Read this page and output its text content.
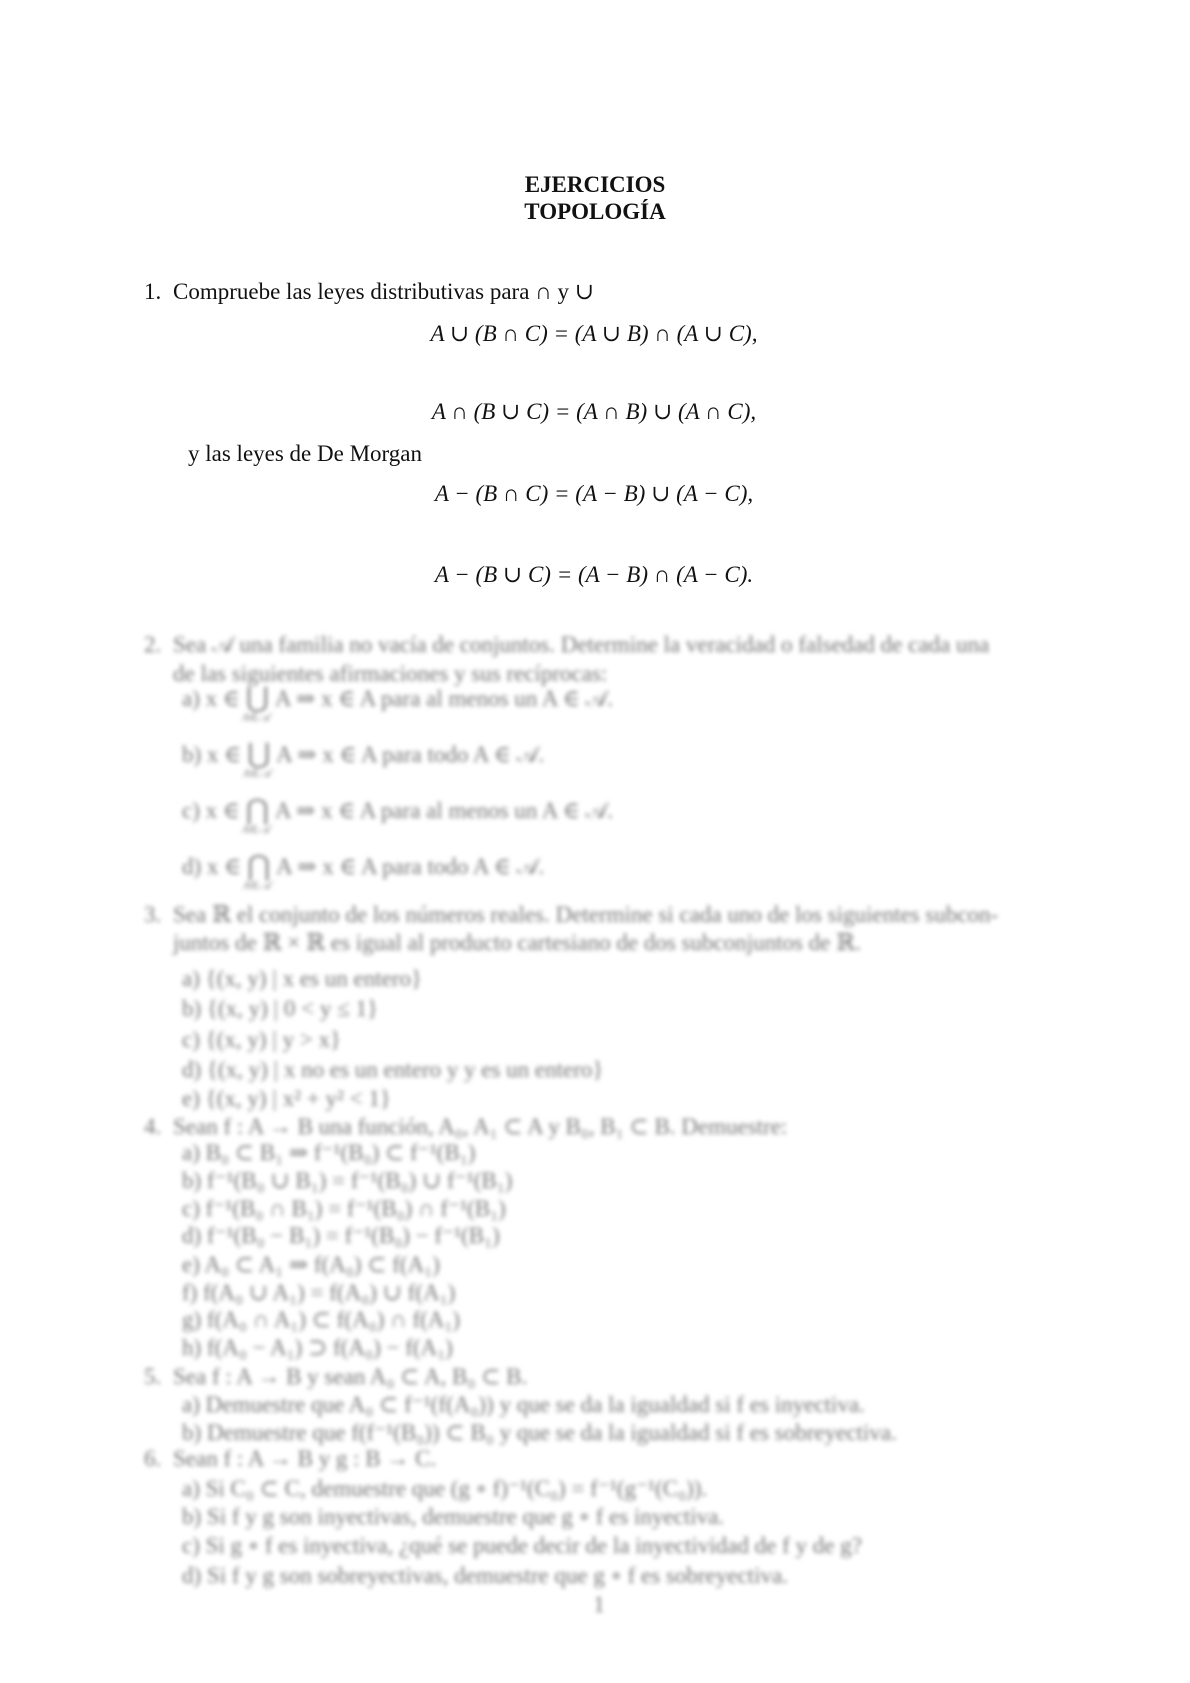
EJERCICIOS
TOPOLOGÍA
1. Compruebe las leyes distributivas para ∩ y ∪
A ∪ (B ∩ C) = (A ∪ B) ∩ (A ∪ C),
A ∩ (B ∪ C) = (A ∩ B) ∪ (A ∩ C),
y las leyes de De Morgan
A − (B ∩ C) = (A − B) ∪ (A − C),
A − (B ∪ C) = (A − B) ∩ (A − C).
2. Sea 𝒜 una familia no vacía de conjuntos. Determine la veracidad o falsedad de cada una
de las siguientes afirmaciones y sus recíprocas:
a) x ∈ ⋃ A ⇒ x ∈ A para al menos un A ∈ 𝒜.
A∈𝒜
b) x ∈ ⋃ A ⇒ x ∈ A para todo A ∈ 𝒜.
A∈𝒜
c) x ∈ ⋂ A ⇒ x ∈ A para al menos un A ∈ 𝒜.
A∈𝒜
d) x ∈ ⋂ A ⇒ x ∈ A para todo A ∈ 𝒜.
A∈𝒜
3. Sea ℝ el conjunto de los números reales. Determine si cada uno de los siguientes subcon-
juntos de ℝ × ℝ es igual al producto cartesiano de dos subconjuntos de ℝ.
a) {(x, y) | x es un entero}
b) {(x, y) | 0 < y ≤ 1}
c) {(x, y) | y > x}
d) {(x, y) | x no es un entero y y es un entero}
e) {(x, y) | x² + y² < 1}
4. Sean f : A → B una función, A₀, A₁ ⊂ A y B₀, B₁ ⊂ B. Demuestre:
a) B₀ ⊂ B₁ ⇒ f⁻¹(B₀) ⊂ f⁻¹(B₁)
b) f⁻¹(B₀ ∪ B₁) = f⁻¹(B₀) ∪ f⁻¹(B₁)
c) f⁻¹(B₀ ∩ B₁) = f⁻¹(B₀) ∩ f⁻¹(B₁)
d) f⁻¹(B₀ − B₁) = f⁻¹(B₀) − f⁻¹(B₁)
e) A₀ ⊂ A₁ ⇒ f(A₀) ⊂ f(A₁)
f) f(A₀ ∪ A₁) = f(A₀) ∪ f(A₁)
g) f(A₀ ∩ A₁) ⊂ f(A₀) ∩ f(A₁)
h) f(A₀ − A₁) ⊃ f(A₀) − f(A₁)
5. Sea f : A → B y sean A₀ ⊂ A, B₀ ⊂ B.
a) Demuestre que A₀ ⊂ f⁻¹(f(A₀)) y que se da la igualdad si f es inyectiva.
b) Demuestre que f(f⁻¹(B₀)) ⊂ B₀ y que se da la igualdad si f es sobreyectiva.
6. Sean f : A → B y g : B → C.
a) Si C₀ ⊂ C, demuestre que (g ∘ f)⁻¹(C₀) = f⁻¹(g⁻¹(C₀)).
b) Si f y g son inyectivas, demuestre que g ∘ f es inyectiva.
c) Si g ∘ f es inyectiva, ¿qué se puede decir de la inyectividad de f y de g?
d) Si f y g son sobreyectivas, demuestre que g ∘ f es sobreyectiva.
1
